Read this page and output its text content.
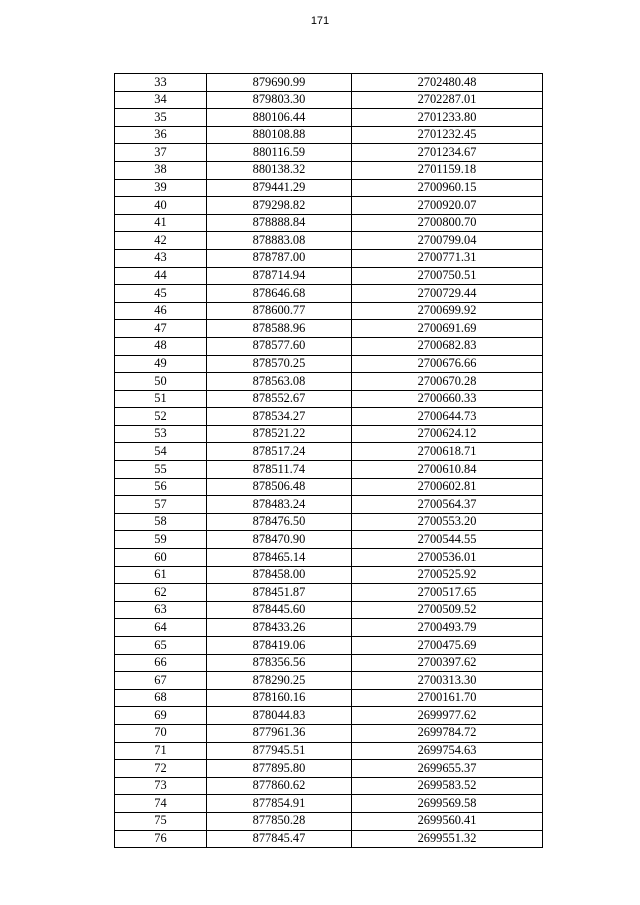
171
33	879690.99	2702480.48
34	879803.30	2702287.01
35	880106.44	2701233.80
36	880108.88	2701232.45
37	880116.59	2701234.67
38	880138.32	2701159.18
39	879441.29	2700960.15
40	879298.82	2700920.07
41	878888.84	2700800.70
42	878883.08	2700799.04
43	878787.00	2700771.31
44	878714.94	2700750.51
45	878646.68	2700729.44
46	878600.77	2700699.92
47	878588.96	2700691.69
48	878577.60	2700682.83
49	878570.25	2700676.66
50	878563.08	2700670.28
51	878552.67	2700660.33
52	878534.27	2700644.73
53	878521.22	2700624.12
54	878517.24	2700618.71
55	878511.74	2700610.84
56	878506.48	2700602.81
57	878483.24	2700564.37
58	878476.50	2700553.20
59	878470.90	2700544.55
60	878465.14	2700536.01
61	878458.00	2700525.92
62	878451.87	2700517.65
63	878445.60	2700509.52
64	878433.26	2700493.79
65	878419.06	2700475.69
66	878356.56	2700397.62
67	878290.25	2700313.30
68	878160.16	2700161.70
69	878044.83	2699977.62
70	877961.36	2699784.72
71	877945.51	2699754.63
72	877895.80	2699655.37
73	877860.62	2699583.52
74	877854.91	2699569.58
75	877850.28	2699560.41
76	877845.47	2699551.32
